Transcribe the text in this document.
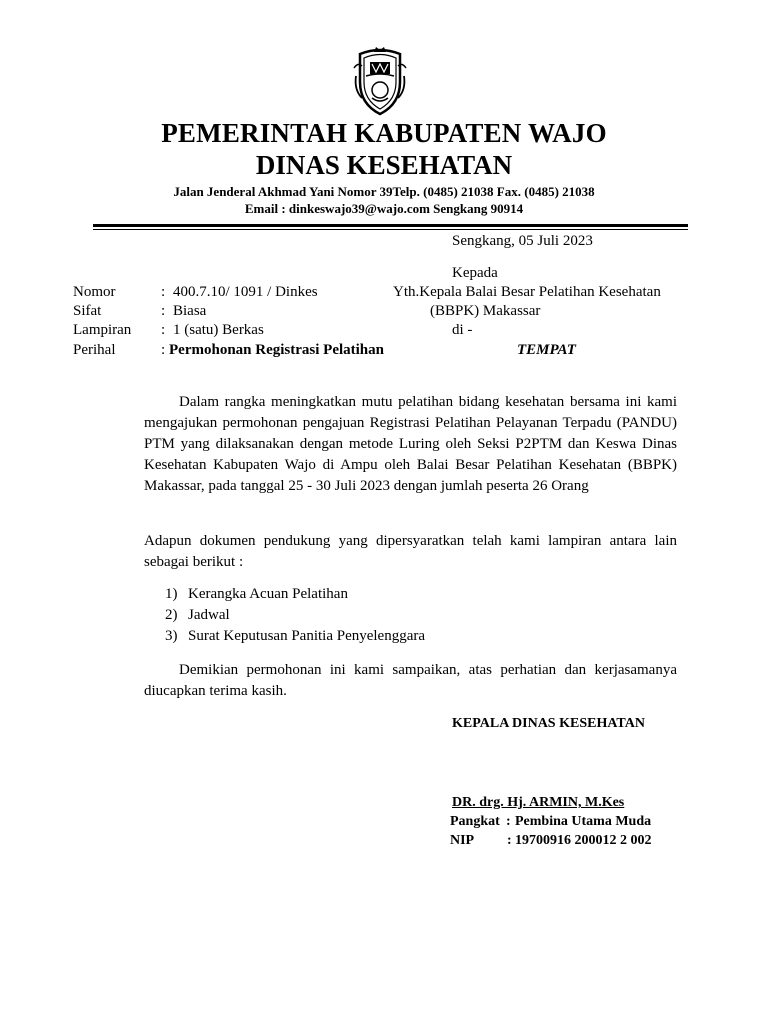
PEMERINTAH KABUPATEN WAJO
DINAS KESEHATAN
Jalan Jenderal Akhmad Yani Nomor 39Telp. (0485) 21038 Fax. (0485) 21038
Email : dinkeswajo39@wajo.com Sengkang 90914
Sengkang, 05 Juli 2023
Kepada
Yth.Kepala Balai Besar Pelatihan Kesehatan
(BBPK) Makassar
di -
TEMPAT
Nomor	: 400.7.10/ 1091 / Dinkes
Sifat	: Biasa
Lampiran : 1 (satu) Berkas
Perihal	: Permohonan Registrasi Pelatihan
Dalam rangka meningkatkan mutu pelatihan bidang kesehatan bersama ini kami mengajukan permohonan pengajuan Registrasi Pelatihan Pelayanan Terpadu (PANDU) PTM yang dilaksanakan dengan metode Luring oleh Seksi P2PTM dan Keswa Dinas Kesehatan Kabupaten Wajo di Ampu oleh Balai Besar Pelatihan Kesehatan (BBPK) Makassar, pada tanggal 25 - 30 Juli 2023 dengan jumlah peserta 26 Orang
Adapun dokumen pendukung yang dipersyaratkan telah kami lampiran antara lain sebagai berikut :
1) Kerangka Acuan Pelatihan
2) Jadwal
3) Surat Keputusan Panitia Penyelenggara
Demikian permohonan ini kami sampaikan, atas perhatian dan kerjasamanya diucapkan terima kasih.
KEPALA DINAS KESEHATAN
DR. drg. Hj. ARMIN, M.Kes
Pangkat : Pembina Utama Muda
NIP : 19700916 200012 2 002
